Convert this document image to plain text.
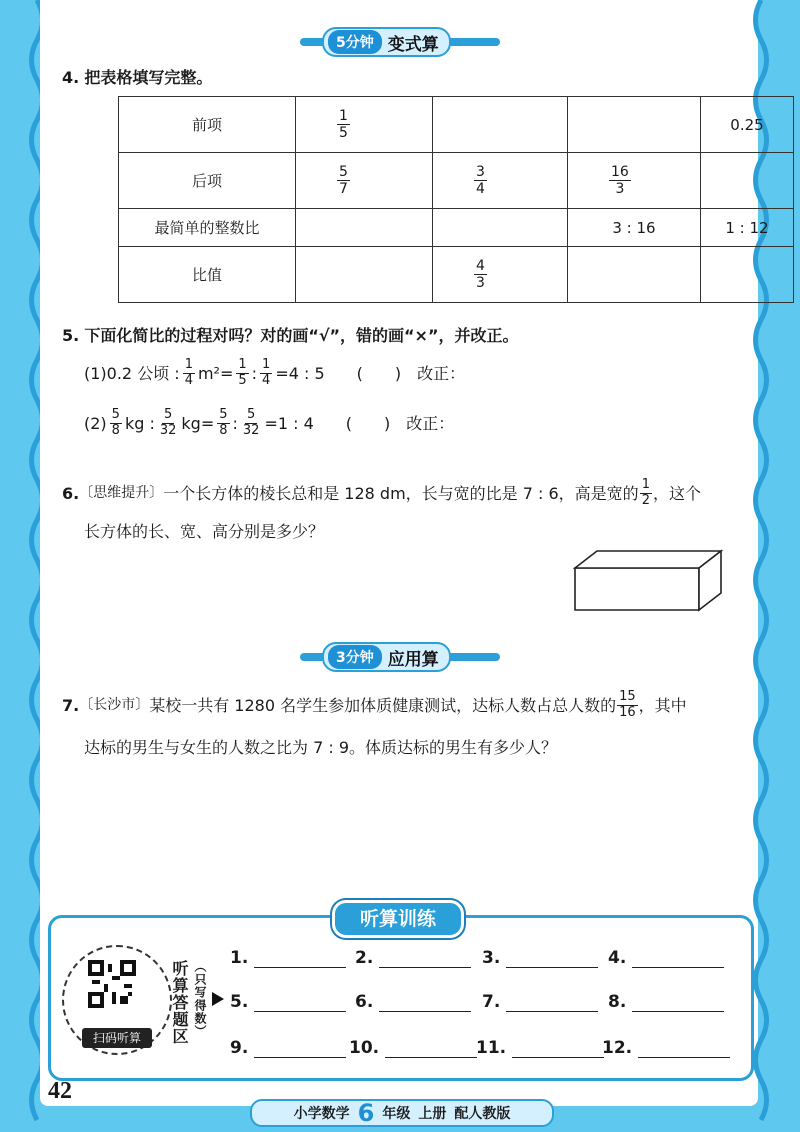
5分钟 变式算
4. 把表格填写完整。
前项	$\frac{1}{5}$			0.25
后项	$\frac{5}{7}$	$\frac{3}{4}$	$\frac{16}{3}$

最简单的整数比			3 : 16	1 : 12
比值		$\frac{4}{3}$

5. 下面化简比的过程对吗？对的画“√”，错的画“×”，并改正。
(1)0.2 公顷 : $\frac{1}{4} m^2= \frac{1}{5}$ : $\frac{1}{4} =4$ : 5 (　　) 改正：
$(2) \frac{5}{8}$ kg : $\frac{5}{32} kg= \frac{5}{8}$ : $\frac{5}{32} =1$ : 4 (　　) 改正：
6. 〔思维提升〕 一个长方体的棱长总和是 128 dm，长与宽的比是 7 : 6，高是宽的 $\frac{1}{2}$ ，这个
长方体的长、宽、高分别是多少？
3分钟 应用算
7. 〔长沙市〕 某校一共有 1280 名学生参加体质健康测试，达标人数占总人数的 $\frac{15}{16}$ ，其中
达标的男生与女生的人数之比为 7 : 9。体质达标的男生有多少人？
听算训练
扫码听算	听算答题区 （只写得数）
1.	2.	3.	4.
5.	6.	7.	8.
9.	10.	11.	12.
42
小学数学 6 年级 上册 配人教版
